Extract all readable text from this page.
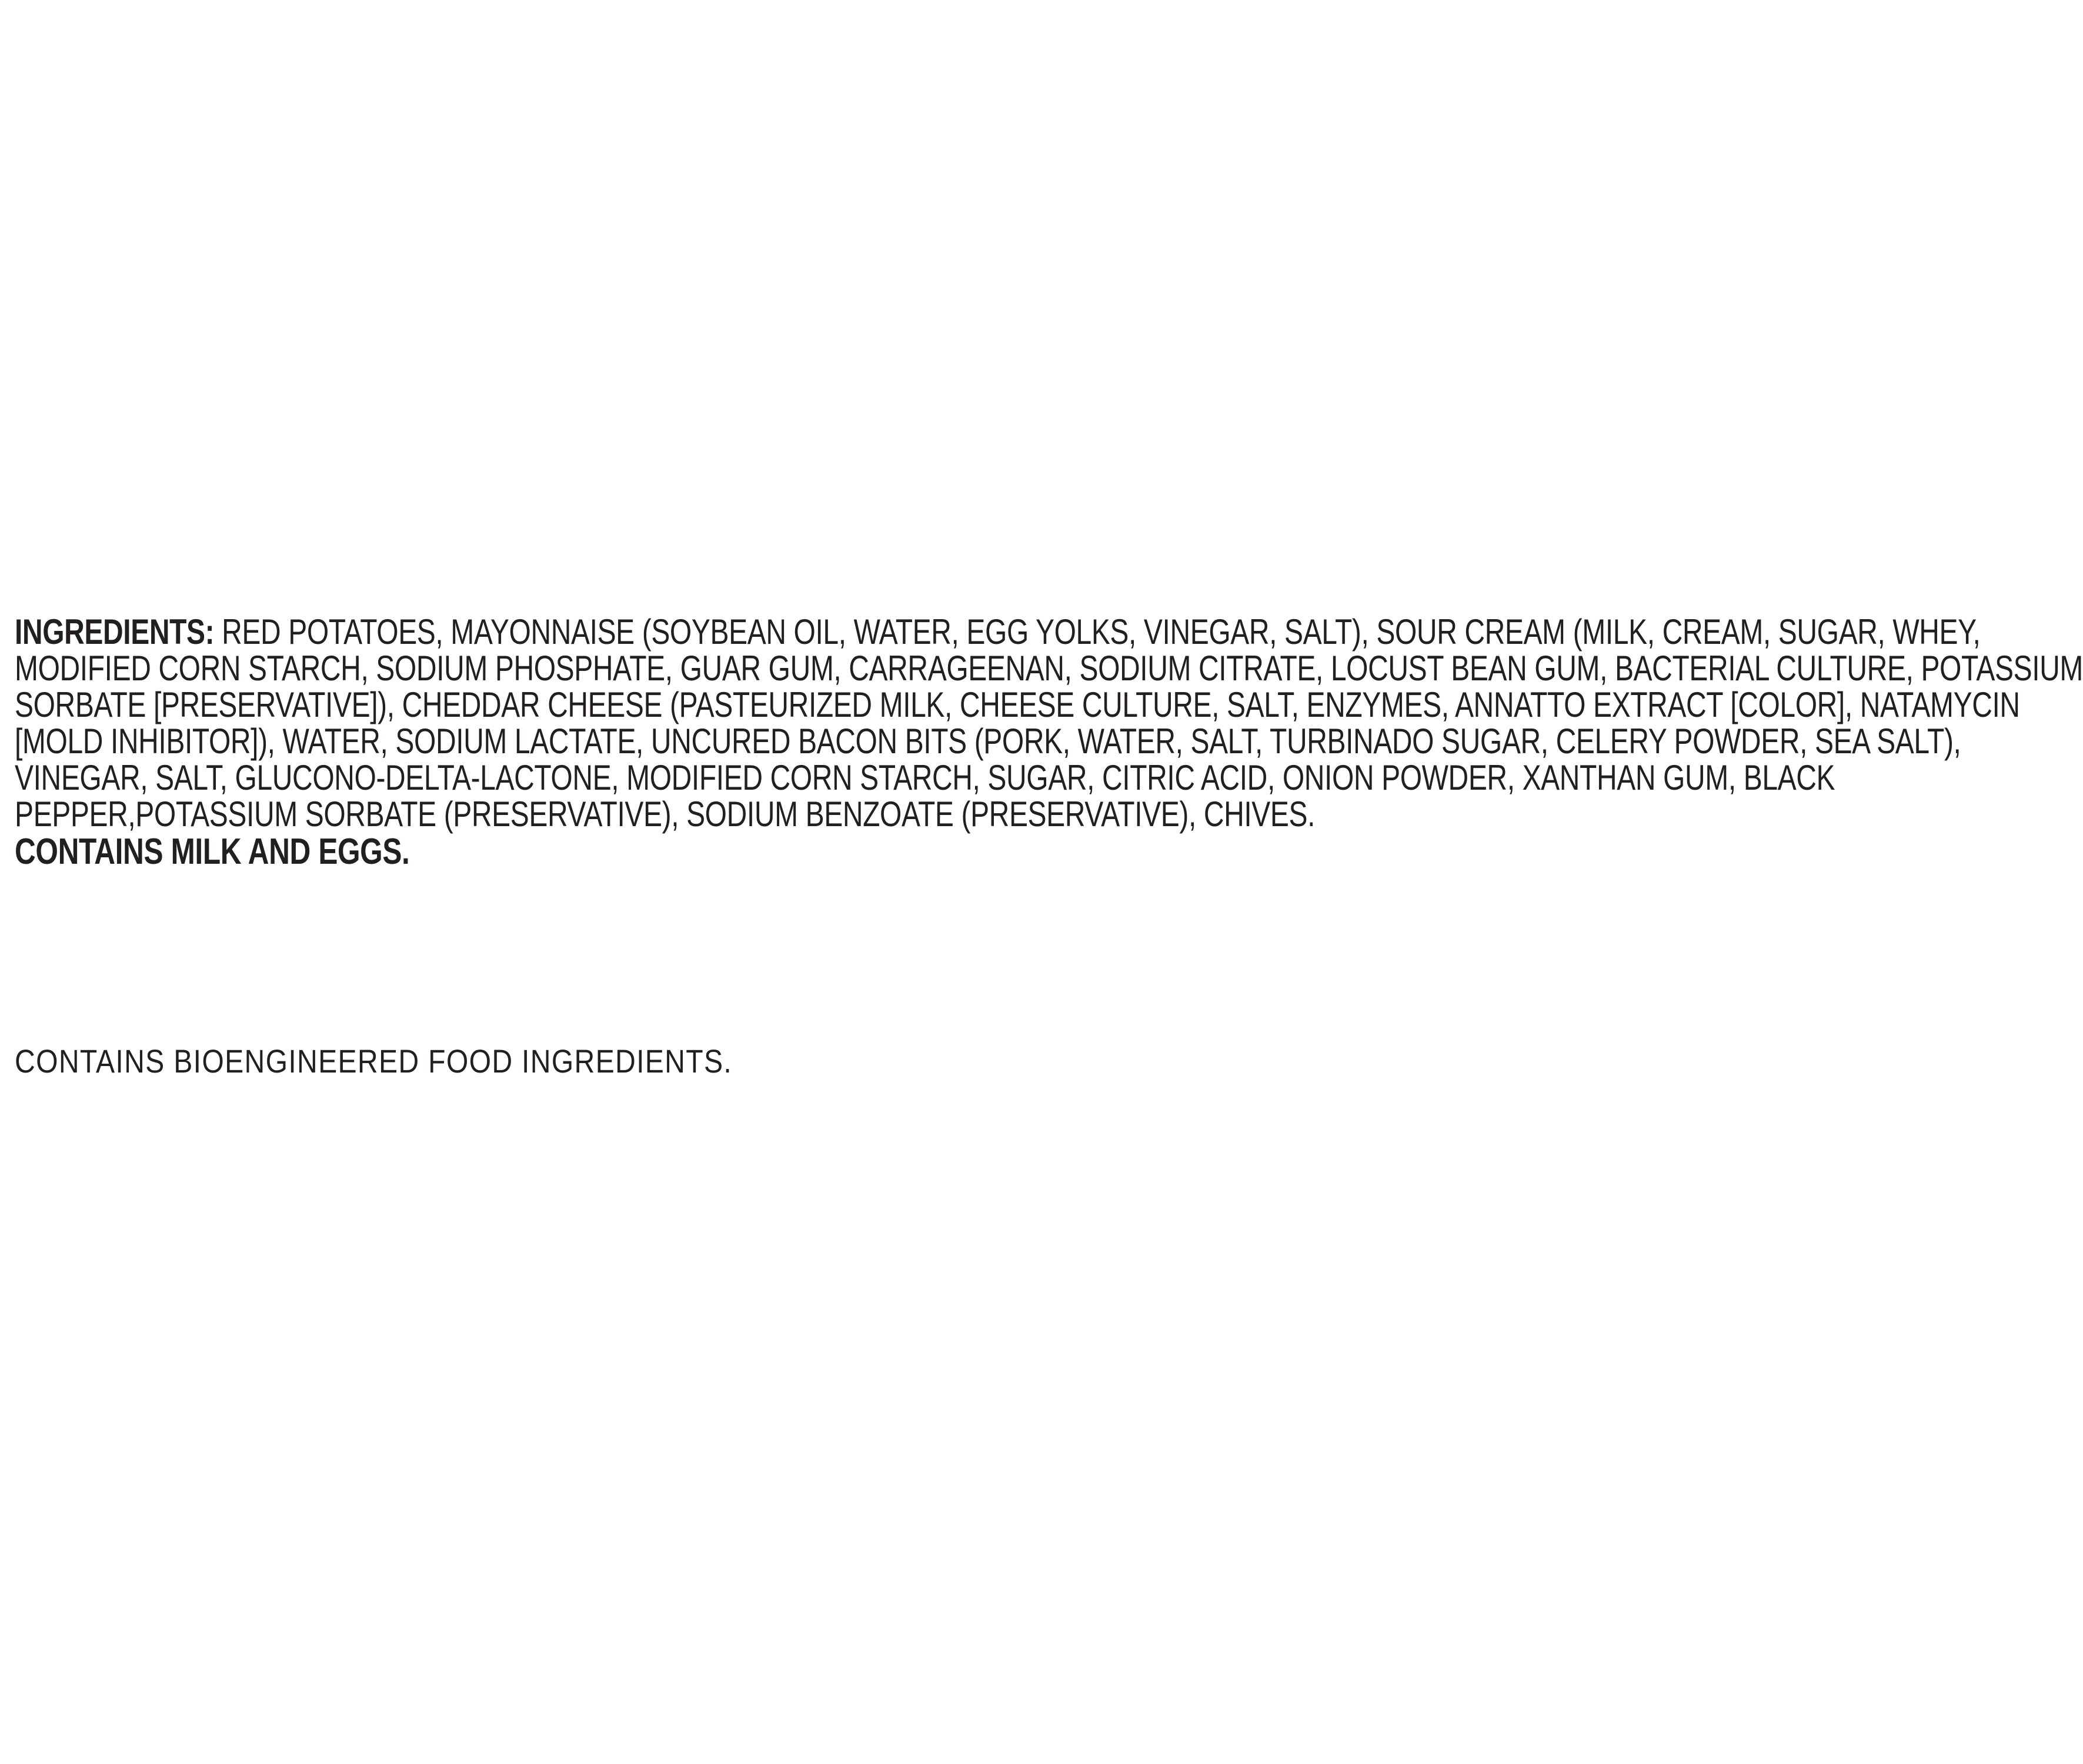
INGREDIENTS: RED POTATOES, MAYONNAISE (SOYBEAN OIL, WATER, EGG YOLKS, VINEGAR, SALT), SOUR CREAM (MILK, CREAM, SUGAR, WHEY,
MODIFIED CORN STARCH, SODIUM PHOSPHATE, GUAR GUM, CARRAGEENAN, SODIUM CITRATE, LOCUST BEAN GUM, BACTERIAL CULTURE, POTASSIUM
SORBATE [PRESERVATIVE]), CHEDDAR CHEESE (PASTEURIZED MILK, CHEESE CULTURE, SALT, ENZYMES, ANNATTO EXTRACT [COLOR], NATAMYCIN
[MOLD INHIBITOR]), WATER, SODIUM LACTATE, UNCURED BACON BITS (PORK, WATER, SALT, TURBINADO SUGAR, CELERY POWDER, SEA SALT),
VINEGAR, SALT, GLUCONO-DELTA-LACTONE, MODIFIED CORN STARCH, SUGAR, CITRIC ACID, ONION POWDER, XANTHAN GUM, BLACK
PEPPER,POTASSIUM SORBATE (PRESERVATIVE), SODIUM BENZOATE (PRESERVATIVE), CHIVES.
CONTAINS MILK AND EGGS.
CONTAINS BIOENGINEERED FOOD INGREDIENTS.
